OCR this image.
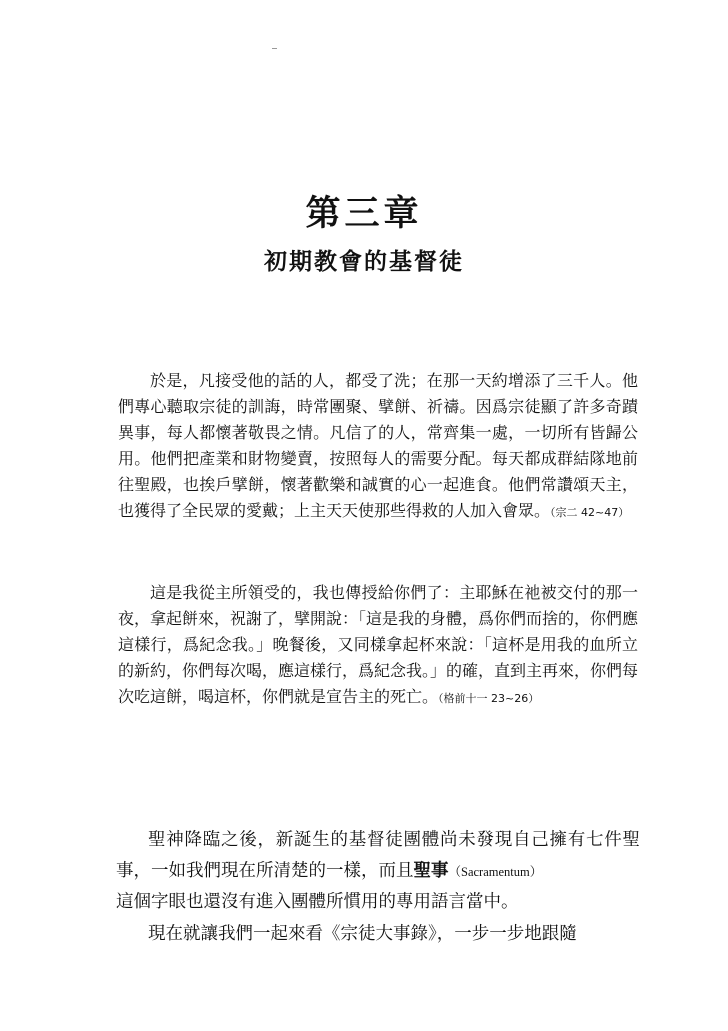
第三章
初期教會的基督徒
於是，凡接受他的話的人，都受了洗；在那一天約增添了三千人。他們專心聽取宗徒的訓誨，時常團聚、擘餅、祈禱。因爲宗徒顯了許多奇蹟異事，每人都懷著敬畏之情。凡信了的人，常齊集一處，一切所有皆歸公用。他們把產業和財物變賣，按照每人的需要分配。每天都成群結隊地前往聖殿，也挨戶擘餅，懷著歡樂和誠實的心一起進食。他們常讚頌天主，也獲得了全民眾的愛戴；上主天天使那些得救的人加入會眾。（宗二 42~47）
這是我從主所領受的，我也傳授給你們了：主耶穌在祂被交付的那一夜，拿起餅來，祝謝了，擘開說：「這是我的身體，爲你們而捨的，你們應這樣行，爲紀念我。」晚餐後，又同樣拿起杯來說：「這杯是用我的血所立的新約，你們每次喝，應這樣行，爲紀念我。」的確，直到主再來，你們每次吃這餅，喝這杯，你們就是宣告主的死亡。（格前十一 23~26）
聖神降臨之後，新誕生的基督徒團體尚未發現自己擁有七件聖事，一如我們現在所清楚的一樣，而且聖事（Sacramentum）
這個字眼也還沒有進入團體所慣用的專用語言當中。
現在就讓我們一起來看《宗徒大事錄》，一步一步地跟隨
